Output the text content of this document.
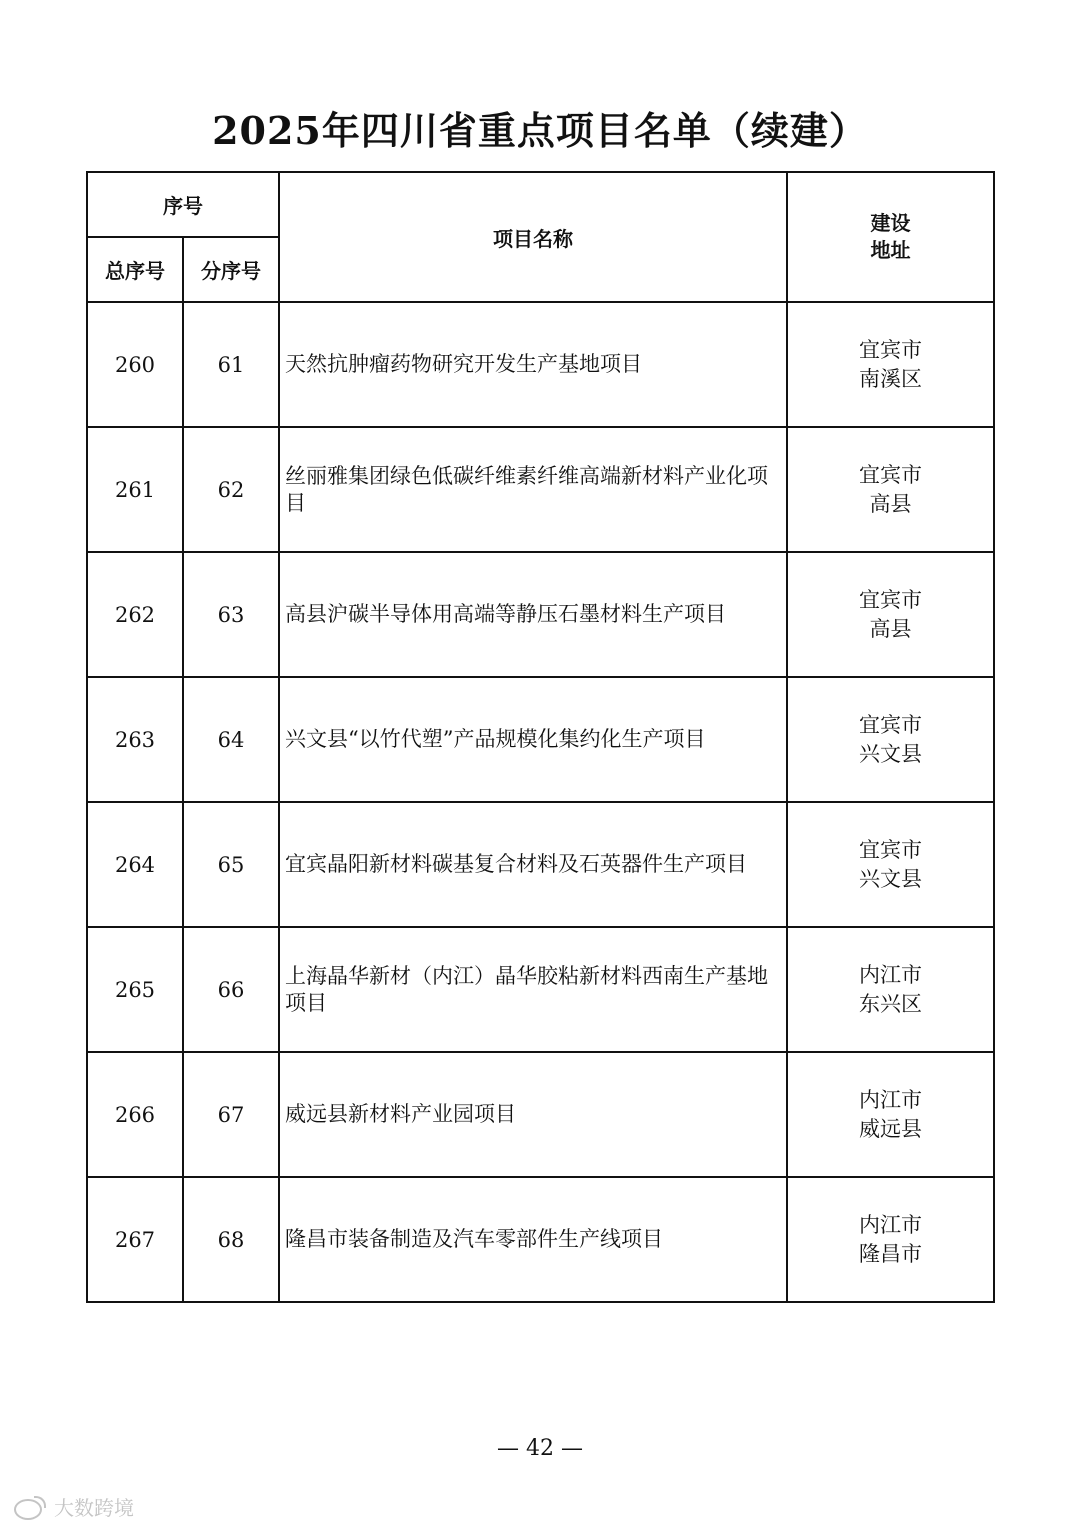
2025年四川省重点项目名单（续建）
序号		项目名称	建设
地址

总序号	分序号		
260	61	天然抗肿瘤药物研究开发生产基地项目	宜宾市
南溪区

261	62	丝丽雅集团绿色低碳纤维素纤维高端新材料产业化项目	宜宾市
高县

262	63	高县沪碳半导体用高端等静压石墨材料生产项目	宜宾市
高县

263	64	兴文县“以竹代塑”产品规模化集约化生产项目	宜宾市
兴文县

264	65	宜宾晶阳新材料碳基复合材料及石英器件生产项目	宜宾市
兴文县

265	66	上海晶华新材（内江）晶华胶粘新材料西南生产基地项目	内江市
东兴区

266	67	威远县新材料产业园项目	内江市
威远县

267	68	隆昌市装备制造及汽车零部件生产线项目	内江市
隆昌市
— 42 —
大数跨境
